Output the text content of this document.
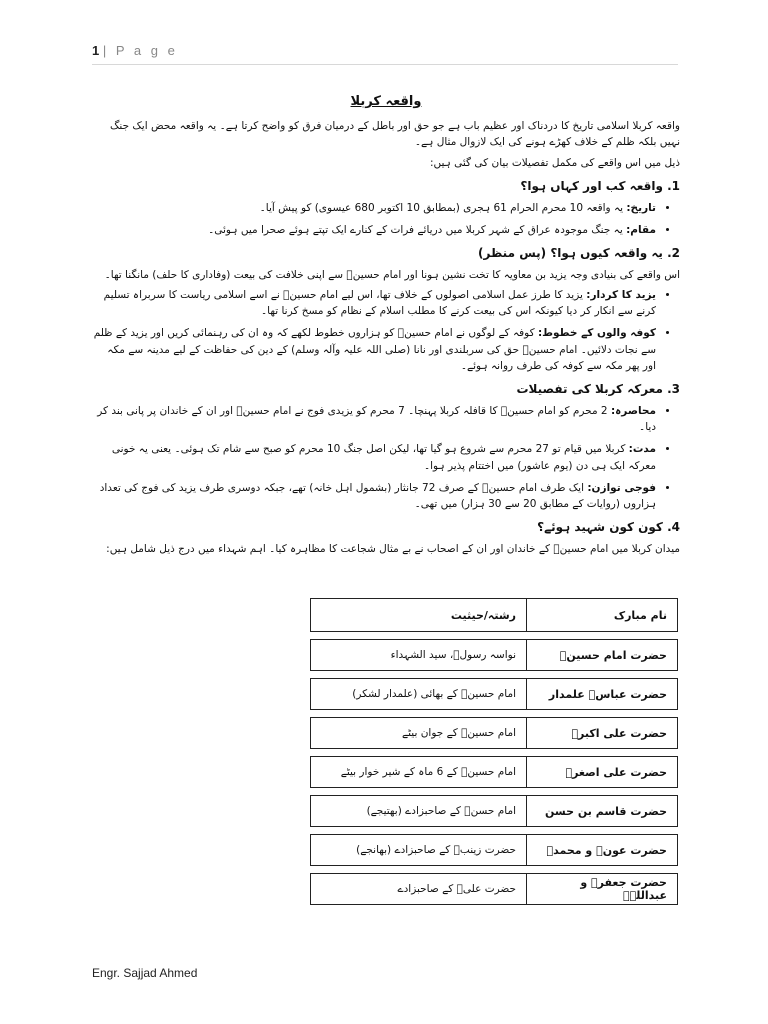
1 | P a g e
واقعہ کربلا

واقعہ کربلا اسلامی تاریخ کا دردناک اور عظیم باب ہے جو حق اور باطل کے درمیان فرق کو واضح کرتا ہے۔ یہ واقعہ محض ایک جنگ نہیں بلکہ ظلم کے خلاف کھڑے ہونے کی ایک لازوال مثال ہے۔

ذیل میں اس واقعے کی مکمل تفصیلات بیان کی گئی ہیں:

1. واقعہ کب اور کہاں ہوا؟
• تاریخ: یہ واقعہ 10 محرم الحرام 61 ہجری (بمطابق 10 اکتوبر 680 عیسوی) کو پیش آیا۔
• مقام: یہ جنگ موجودہ عراق کے شہر کربلا میں دریائے فرات کے کنارے ایک تپتے ہوئے صحرا میں ہوئی۔
2. یہ واقعہ کیوں ہوا؟ (پس منظر)

اس واقعے کی بنیادی وجہ یزید بن معاویہ کا تخت نشین ہونا اور امام حسینؓ سے اپنی خلافت کی بیعت (وفاداری کا حلف) مانگنا تھا۔

• یزید کا کردار: یزید کا طرز عمل اسلامی اصولوں کے خلاف تھا، اس لیے امام حسینؓ نے اسے اسلامی ریاست کا سربراہ تسلیم کرنے سے انکار کر دیا کیونکہ اس کی بیعت کرنے کا مطلب اسلام کے نظام کو مسخ کرنا تھا۔
• کوفہ والوں کے خطوط: کوفہ کے لوگوں نے امام حسینؓ کو ہزاروں خطوط لکھے کہ وہ ان کی رہنمائی کریں اور یزید کے ظلم سے نجات دلائیں۔ امام حسینؓ حق کی سربلندی اور نانا (صلی اللہ علیہ وآلہ وسلم) کے دین کی حفاظت کے لیے مدینہ سے مکہ اور پھر مکہ سے کوفہ کی طرف روانہ ہوئے۔
3. معرکہ کربلا کی تفصیلات
• محاصرہ: 2 محرم کو امام حسینؓ کا قافلہ کربلا پہنچا۔ 7 محرم کو یزیدی فوج نے امام حسینؓ اور ان کے خاندان پر پانی بند کر دیا۔
• مدت: کربلا میں قیام تو 27 محرم سے شروع ہو گیا تھا، لیکن اصل جنگ 10 محرم کو صبح سے شام تک ہوئی۔ یعنی یہ خونی معرکہ ایک ہی دن (یوم عاشور) میں اختتام پذیر ہوا۔
• فوجی توازن: ایک طرف امام حسینؓ کے صرف 72 جانثار (بشمول اہل خانہ) تھے، جبکہ دوسری طرف یزید کی فوج کی تعداد ہزاروں (روایات کے مطابق 20 سے 30 ہزار) میں تھی۔
4. کون کون شہید ہوئے؟

میدان کربلا میں امام حسینؓ کے خاندان اور ان کے اصحاب نے بے مثال شجاعت کا مظاہرہ کیا۔ اہم شہداء میں درج ذیل شامل ہیں:

نام مبارک	رشتہ/حیثیت
حضرت امام حسینؑ	نواسہ رسولؐ، سید الشہداء
حضرت عباسؑ علمدار	امام حسینؓ کے بھائی (علمدار لشکر)
حضرت علی اکبرؑ	امام حسینؓ کے جوان بیٹے
حضرت علی اصغرؑ	امام حسینؓ کے 6 ماہ کے شیر خوار بیٹے
حضرت قاسم بن حسن	امام حسنؓ کے صاحبزادے (بھتیجے)
حضرت عونؑ و محمدؑ	حضرت زینبؓ کے صاحبزادے (بھانجے)
حضرت جعفرؑ و عبداللہؑ	حضرت علیؓ کے صاحبزادے
Engr. Sajjad Ahmed
